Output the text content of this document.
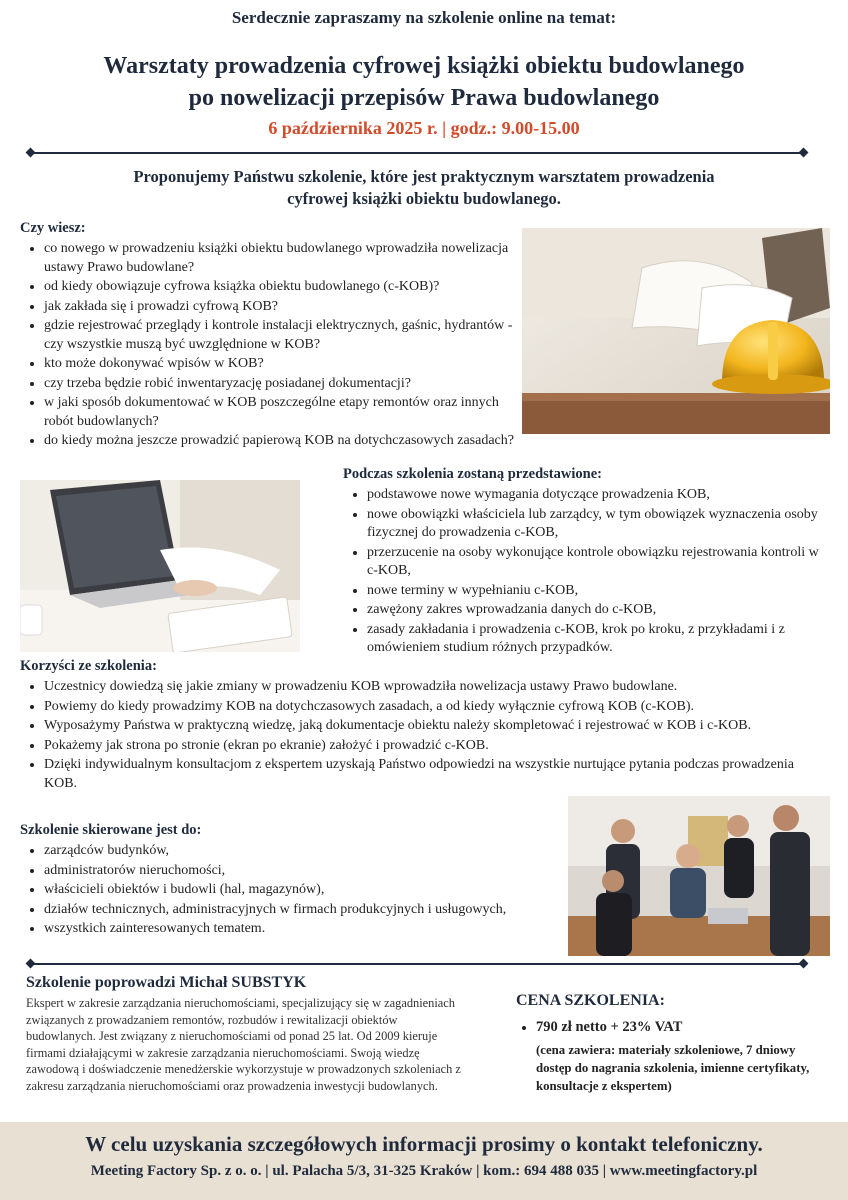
Serdecznie zapraszamy na szkolenie online na temat:
Warsztaty prowadzenia cyfrowej książki obiektu budowlanego
po nowelizacji przepisów Prawa budowlanego
6 października 2025 r. | godz.: 9.00-15.00
Proponujemy Państwu szkolenie, które jest praktycznym warsztatem prowadzenia
cyfrowej książki obiektu budowlanego.
Czy wiesz:
• co nowego w prowadzeniu książki obiektu budowlanego wprowadziła nowelizacja ustawy Prawo budowlane?
• od kiedy obowiązuje cyfrowa książka obiektu budowlanego (c-KOB)?
• jak zakłada się i prowadzi cyfrową KOB?
• gdzie rejestrować przeglądy i kontrole instalacji elektrycznych, gaśnic, hydrantów - czy wszystkie muszą być uwzględnione w KOB?
• kto może dokonywać wpisów w KOB?
• czy trzeba będzie robić inwentaryzację posiadanej dokumentacji?
• w jaki sposób dokumentować w KOB poszczególne etapy remontów oraz innych robót budowlanych?
• do kiedy można jeszcze prowadzić papierową KOB na dotychczasowych zasadach?
Podczas szkolenia zostaną przedstawione:
• podstawowe nowe wymagania dotyczące prowadzenia KOB,
• nowe obowiązki właściciela lub zarządcy, w tym obowiązek wyznaczenia osoby fizycznej do prowadzenia c-KOB,
• przerzucenie na osoby wykonujące kontrole obowiązku rejestrowania kontroli w c-KOB,
• nowe terminy w wypełnianiu c-KOB,
• zawężony zakres wprowadzania danych do c-KOB,
• zasady zakładania i prowadzenia c-KOB, krok po kroku, z przykładami i z omówieniem studium różnych przypadków.
Korzyści ze szkolenia:
• Uczestnicy dowiedzą się jakie zmiany w prowadzeniu KOB wprowadziła nowelizacja ustawy Prawo budowlane.
• Powiemy do kiedy prowadzimy KOB na dotychczasowych zasadach, a od kiedy wyłącznie cyfrową KOB (c-KOB).
• Wyposażymy Państwa w praktyczną wiedzę, jaką dokumentacje obiektu należy skompletować i rejestrować w KOB i c-KOB.
• Pokażemy jak strona po stronie (ekran po ekranie) założyć i prowadzić c-KOB.
• Dzięki indywidualnym konsultacjom z ekspertem uzyskają Państwo odpowiedzi na wszystkie nurtujące pytania podczas prowadzenia KOB.
Szkolenie skierowane jest do:
• zarządców budynków,
• administratorów nieruchomości,
• właścicieli obiektów i budowli (hal, magazynów),
• działów technicznych, administracyjnych w firmach produkcyjnych i usługowych,
• wszystkich zainteresowanych tematem.
Szkolenie poprowadzi Michał SUBSTYK
Ekspert w zakresie zarządzania nieruchomościami, specjalizujący się w zagadnieniach związanych z prowadzaniem remontów, rozbudów i rewitalizacji obiektów budowlanych. Jest związany z nieruchomościami od ponad 25 lat. Od 2009 kieruje firmami działającymi w zakresie zarządzania nieruchomościami. Swoją wiedzę zawodową i doświadczenie menedżerskie wykorzystuje w prowadzonych szkoleniach z zakresu zarządzania nieruchomościami oraz prowadzenia inwestycji budowlanych.
CENA SZKOLENIA:
• 790 zł netto + 23% VAT
(cena zawiera: materiały szkoleniowe, 7 dniowy dostęp do nagrania szkolenia, imienne certyfikaty, konsultacje z ekspertem)
W celu uzyskania szczegółowych informacji prosimy o kontakt telefoniczny.
Meeting Factory Sp. z o. o. | ul. Palacha 5/3, 31-325 Kraków | kom.: 694 488 035 | www.meetingfactory.pl
